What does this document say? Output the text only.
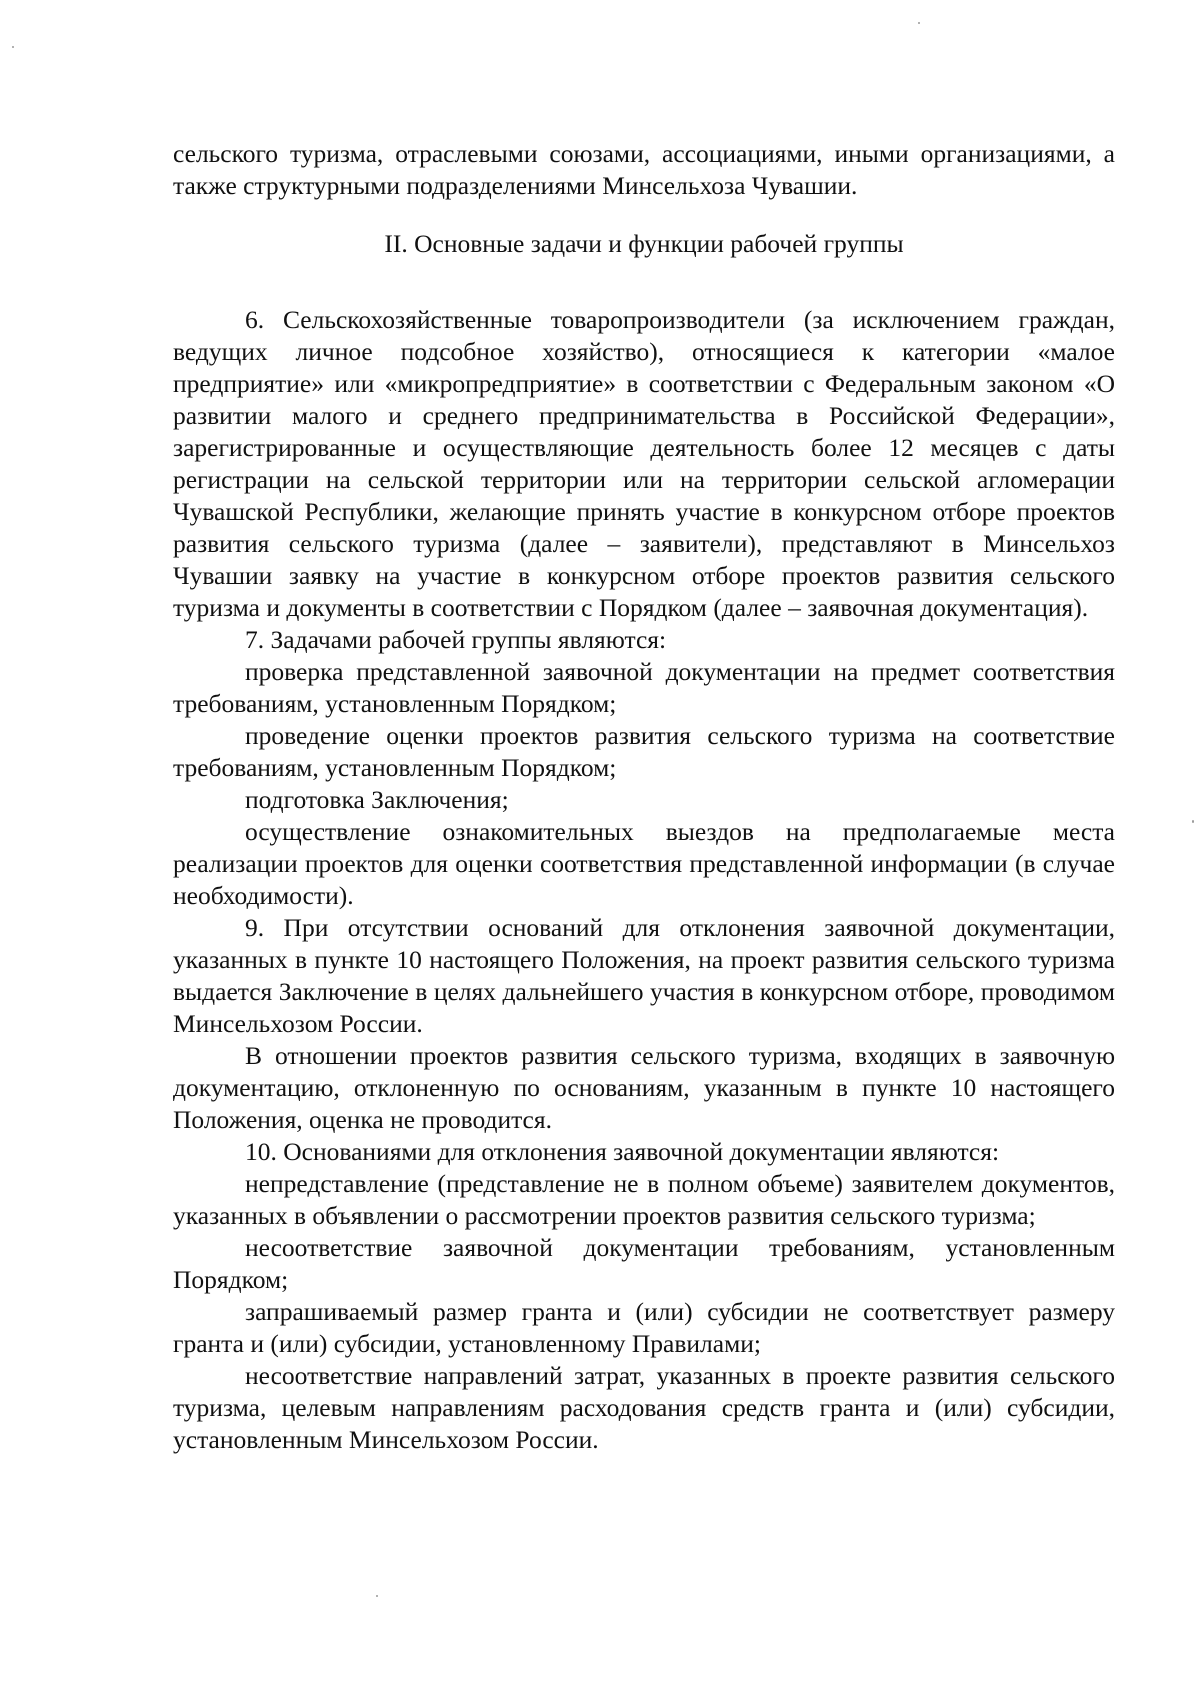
сельского туризма, отраслевыми союзами, ассоциациями, иными организациями, а также структурными подразделениями Минсельхоза Чувашии.

II. Основные задачи и функции рабочей группы

6. Сельскохозяйственные товаропроизводители (за исключением граждан, ведущих личное подсобное хозяйство), относящиеся к категории «малое предприятие» или «микропредприятие» в соответствии с Федеральным законом «О развитии малого и среднего предпринимательства в Российской Федерации», зарегистрированные и осуществляющие деятельность более 12 месяцев с даты регистрации на сельской территории или на территории сельской агломерации Чувашской Республики, желающие принять участие в конкурсном отборе проектов развития сельского туризма (далее – заявители), представляют в Минсельхоз Чувашии заявку на участие в конкурсном отборе проектов развития сельского туризма и документы в соответствии с Порядком (далее – заявочная документация).

7. Задачами рабочей группы являются:

проверка представленной заявочной документации на предмет соответствия требованиям, установленным Порядком;

проведение оценки проектов развития сельского туризма на соответствие требованиям, установленным Порядком;

подготовка Заключения;

осуществление ознакомительных выездов на предполагаемые места реализации проектов для оценки соответствия представленной информации (в случае необходимости).

9. При отсутствии оснований для отклонения заявочной документации, указанных в пункте 10 настоящего Положения, на проект развития сельского туризма выдается Заключение в целях дальнейшего участия в конкурсном отборе, проводимом Минсельхозом России.

В отношении проектов развития сельского туризма, входящих в заявочную документацию, отклоненную по основаниям, указанным в пункте 10 настоящего Положения, оценка не проводится.

10. Основаниями для отклонения заявочной документации являются:

непредставление (представление не в полном объеме) заявителем документов, указанных в объявлении о рассмотрении проектов развития сельского туризма;

несоответствие заявочной документации требованиям, установленным Порядком;

запрашиваемый размер гранта и (или) субсидии не соответствует размеру гранта и (или) субсидии, установленному Правилами;

несоответствие направлений затрат, указанных в проекте развития сельского туризма, целевым направлениям расходования средств гранта и (или) субсидии, установленным Минсельхозом России.
